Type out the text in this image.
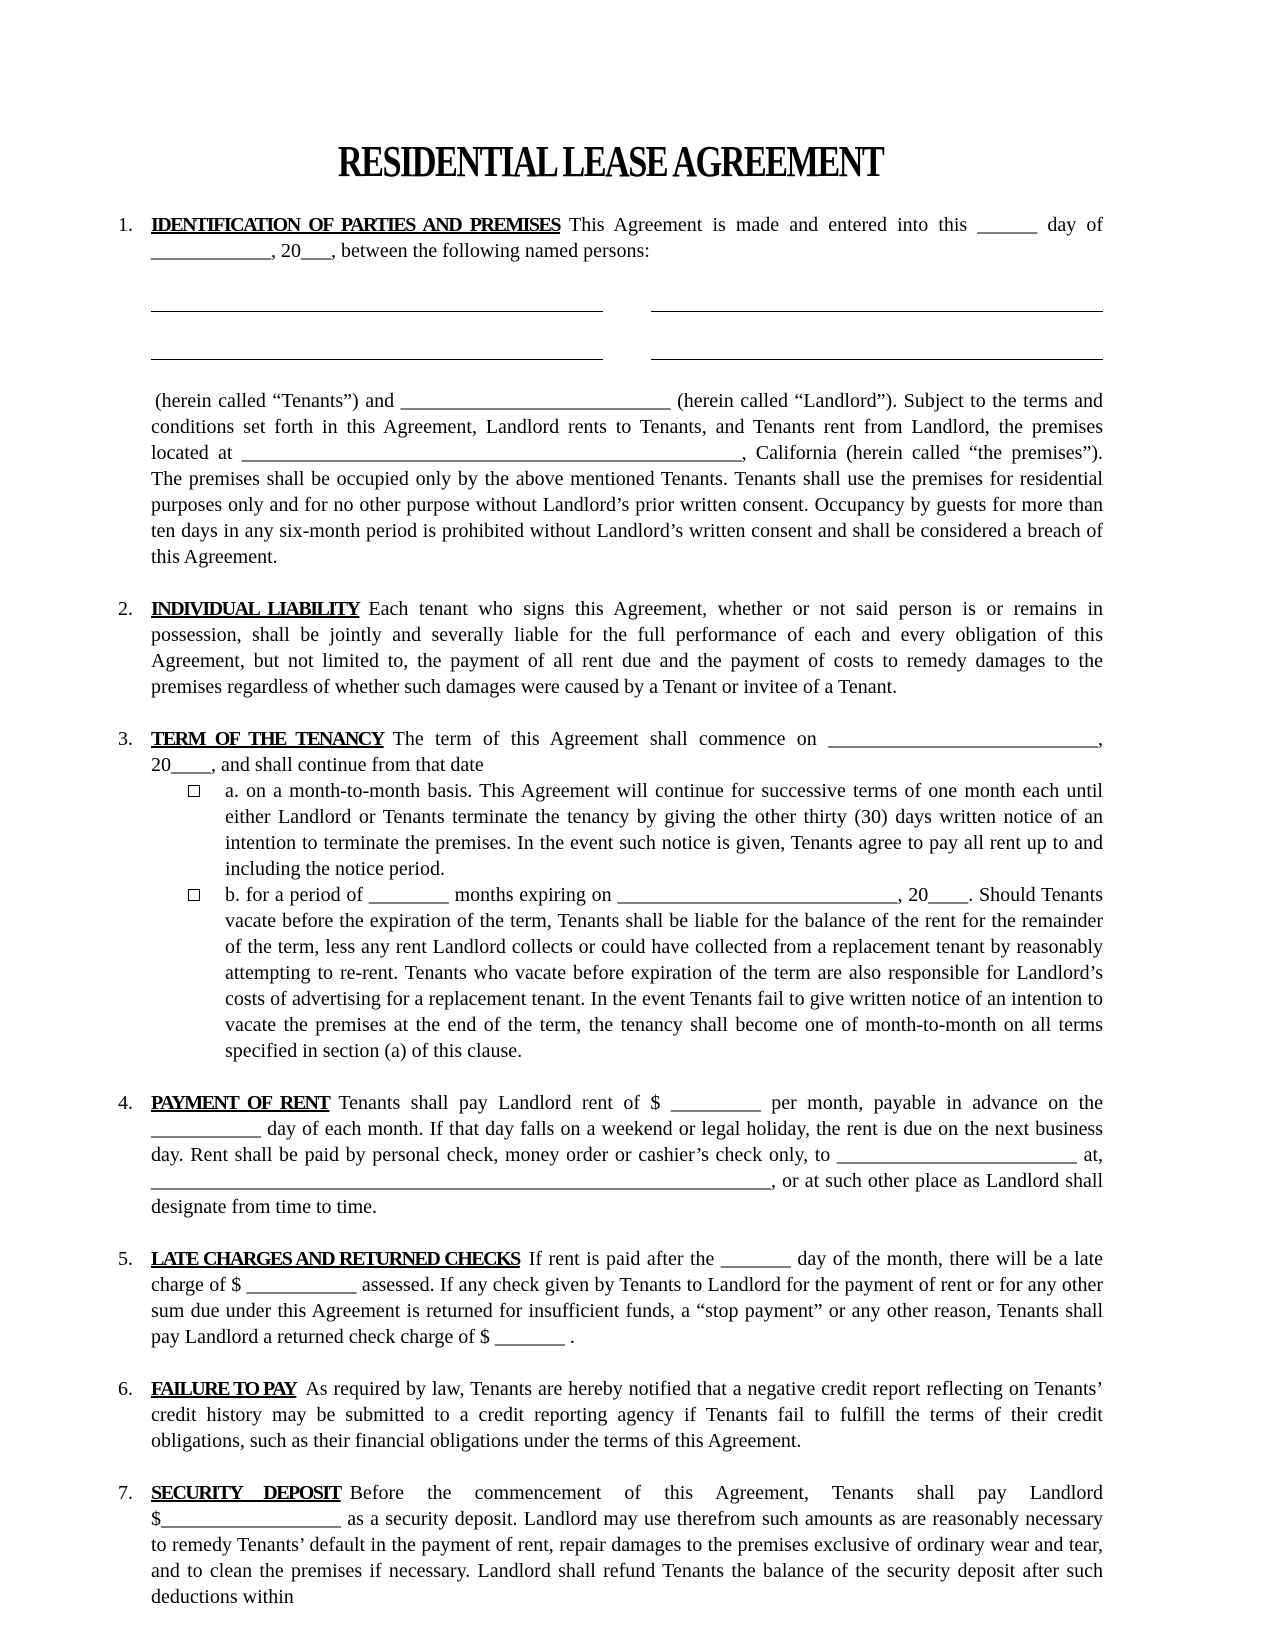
RESIDENTIAL LEASE AGREEMENT
1. IDENTIFICATION OF PARTIES AND PREMISES This Agreement is made and entered into this ______ day of ____________, 20___, between the following named persons:

(herein called “Tenants”) and ___________________________ (herein called “Landlord”). Subject to the terms and conditions set forth in this Agreement, Landlord rents to Tenants, and Tenants rent from Landlord, the premises located at __________________________________________________, California (herein called “the premises”). The premises shall be occupied only by the above mentioned Tenants. Tenants shall use the premises for residential purposes only and for no other purpose without Landlord’s prior written consent. Occupancy by guests for more than ten days in any six-month period is prohibited without Landlord’s written consent and shall be considered a breach of this Agreement.

2. INDIVIDUAL LIABILITY Each tenant who signs this Agreement, whether or not said person is or remains in possession, shall be jointly and severally liable for the full performance of each and every obligation of this Agreement, but not limited to, the payment of all rent due and the payment of costs to remedy damages to the premises regardless of whether such damages were caused by a Tenant or invitee of a Tenant.

3. TERM OF THE TENANCY The term of this Agreement shall commence on ___________________________, 20____, and shall continue from that date

a. on a month-to-month basis. This Agreement will continue for successive terms of one month each until either Landlord or Tenants terminate the tenancy by giving the other thirty (30) days written notice of an intention to terminate the premises. In the event such notice is given, Tenants agree to pay all rent up to and including the notice period.

b. for a period of ________ months expiring on ____________________________, 20____. Should Tenants vacate before the expiration of the term, Tenants shall be liable for the balance of the rent for the remainder of the term, less any rent Landlord collects or could have collected from a replacement tenant by reasonably attempting to re-rent. Tenants who vacate before expiration of the term are also responsible for Landlord’s costs of advertising for a replacement tenant. In the event Tenants fail to give written notice of an intention to vacate the premises at the end of the term, the tenancy shall become one of month-to-month on all terms specified in section (a) of this clause.

4. PAYMENT OF RENT Tenants shall pay Landlord rent of $ _________ per month, payable in advance on the ___________ day of each month. If that day falls on a weekend or legal holiday, the rent is due on the next business day. Rent shall be paid by personal check, money order or cashier’s check only, to ________________________ at, ______________________________________________________________, or at such other place as Landlord shall designate from time to time.

5. LATE CHARGES AND RETURNED CHECKS If rent is paid after the _______ day of the month, there will be a late charge of $ ___________ assessed. If any check given by Tenants to Landlord for the payment of rent or for any other sum due under this Agreement is returned for insufficient funds, a “stop payment” or any other reason, Tenants shall pay Landlord a returned check charge of $ _______ .

6. FAILURE TO PAY As required by law, Tenants are hereby notified that a negative credit report reflecting on Tenants’ credit history may be submitted to a credit reporting agency if Tenants fail to fulfill the terms of their credit obligations, such as their financial obligations under the terms of this Agreement.

7. SECURITY DEPOSIT Before the commencement of this Agreement, Tenants shall pay Landlord $__________________ as a security deposit. Landlord may use therefrom such amounts as are reasonably necessary to remedy Tenants’ default in the payment of rent, repair damages to the premises exclusive of ordinary wear and tear, and to clean the premises if necessary. Landlord shall refund Tenants the balance of the security deposit after such deductions within
